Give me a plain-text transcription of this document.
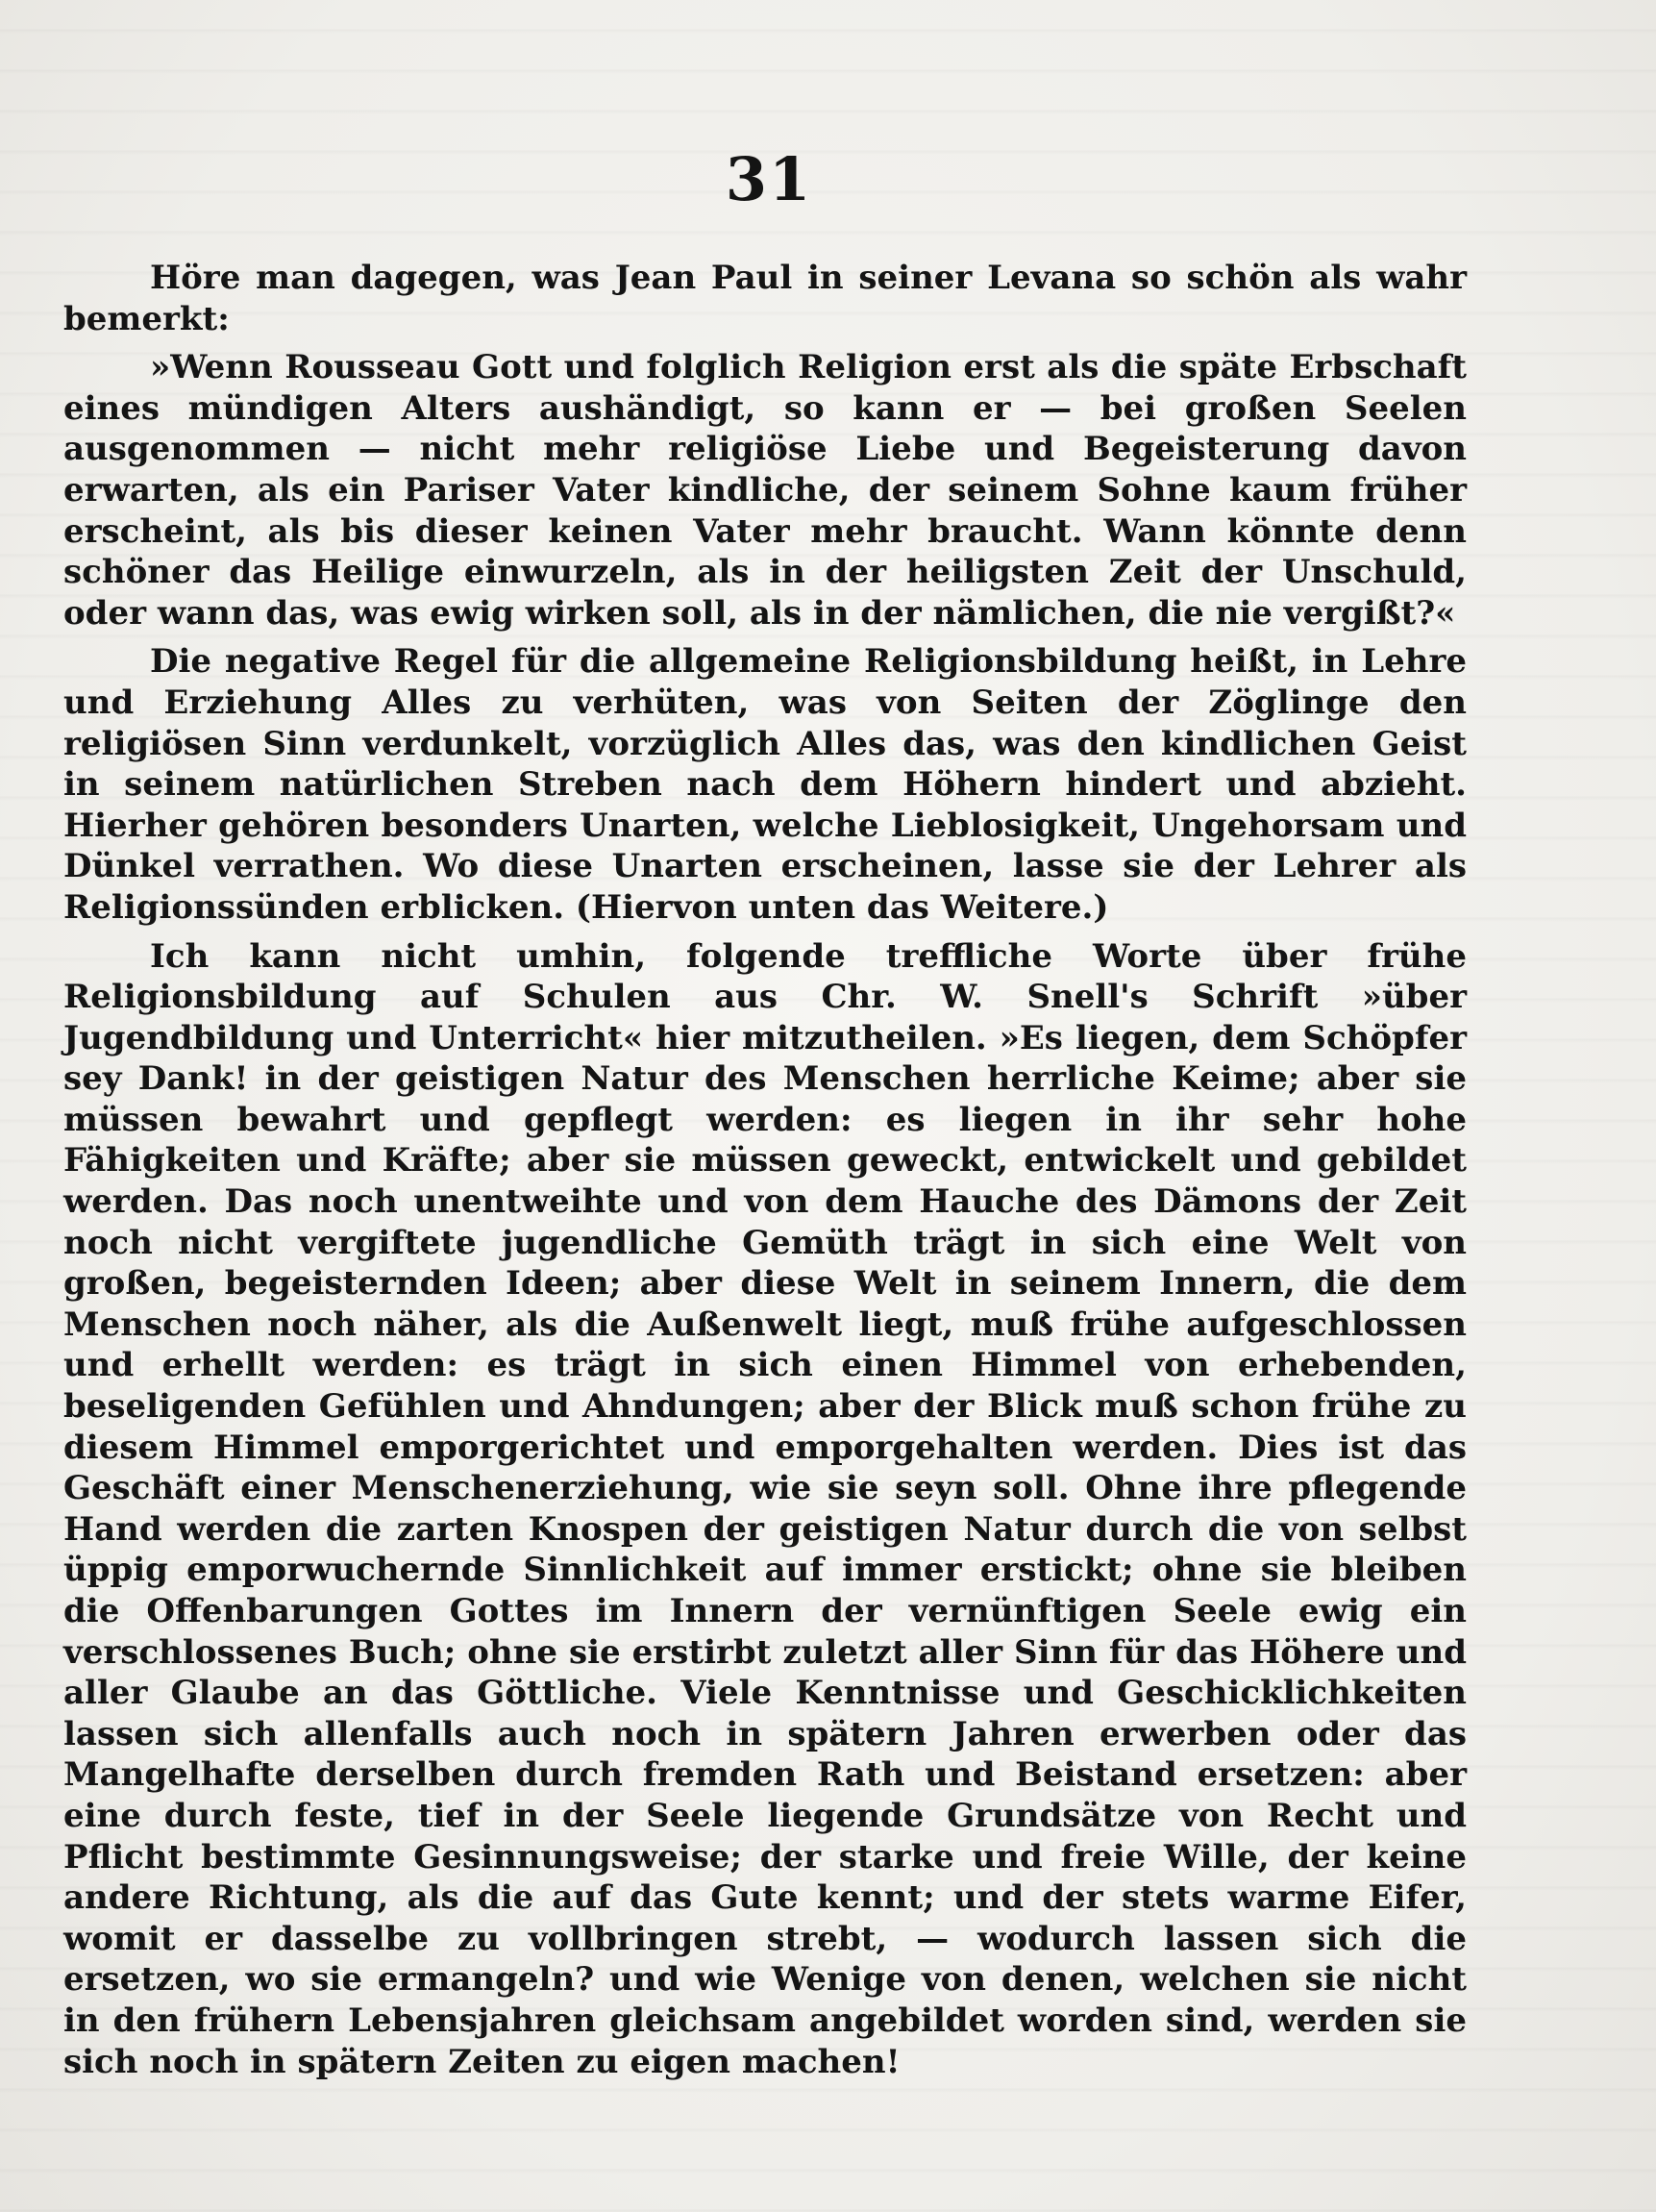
31

Höre man dagegen, was Jean Paul in seiner Levana so schön als wahr bemerkt:

»Wenn Rousseau Gott und folglich Religion erst als die späte Erbschaft eines mündigen Alters aushändigt, so kann er — bei großen Seelen ausgenommen — nicht mehr religiöse Liebe und Begeisterung davon erwarten, als ein Pariser Vater kindliche, der seinem Sohne kaum früher erscheint, als bis dieser keinen Vater mehr braucht. Wann könnte denn schöner das Heilige einwurzeln, als in der heiligsten Zeit der Unschuld, oder wann das, was ewig wirken soll, als in der nämlichen, die nie vergißt?«

Die negative Regel für die allgemeine Religionsbildung heißt, in Lehre und Erziehung Alles zu verhüten, was von Seiten der Zöglinge den religiösen Sinn verdunkelt, vorzüglich Alles das, was den kindlichen Geist in seinem natürlichen Streben nach dem Höhern hindert und abzieht. Hierher gehören besonders Unarten, welche Lieblosigkeit, Ungehorsam und Dünkel verrathen. Wo diese Unarten erscheinen, lasse sie der Lehrer als Religionssünden erblicken. (Hiervon unten das Weitere.)

Ich kann nicht umhin, folgende treffliche Worte über frühe Religionsbildung auf Schulen aus Chr. W. Snell's Schrift »über Jugendbildung und Unterricht« hier mitzutheilen. »Es liegen, dem Schöpfer sey Dank! in der geistigen Natur des Menschen herrliche Keime; aber sie müssen bewahrt und gepflegt werden: es liegen in ihr sehr hohe Fähigkeiten und Kräfte; aber sie müssen geweckt, entwickelt und gebildet werden. Das noch unentweihte und von dem Hauche des Dämons der Zeit noch nicht vergiftete jugendliche Gemüth trägt in sich eine Welt von großen, begeisternden Ideen; aber diese Welt in seinem Innern, die dem Menschen noch näher, als die Außenwelt liegt, muß frühe aufgeschlossen und erhellt werden: es trägt in sich einen Himmel von erhebenden, beseligenden Gefühlen und Ahndungen; aber der Blick muß schon frühe zu diesem Himmel emporgerichtet und emporgehalten werden. Dies ist das Geschäft einer Menschenerziehung, wie sie seyn soll. Ohne ihre pflegende Hand werden die zarten Knospen der geistigen Natur durch die von selbst üppig emporwuchernde Sinnlichkeit auf immer erstickt; ohne sie bleiben die Offenbarungen Gottes im Innern der vernünftigen Seele ewig ein verschlossenes Buch; ohne sie erstirbt zuletzt aller Sinn für das Höhere und aller Glaube an das Göttliche. Viele Kenntnisse und Geschicklichkeiten lassen sich allenfalls auch noch in spätern Jahren erwerben oder das Mangelhafte derselben durch fremden Rath und Beistand ersetzen: aber eine durch feste, tief in der Seele liegende Grundsätze von Recht und Pflicht bestimmte Gesinnungsweise; der starke und freie Wille, der keine andere Richtung, als die auf das Gute kennt; und der stets warme Eifer, womit er dasselbe zu vollbringen strebt, — wodurch lassen sich die ersetzen, wo sie ermangeln? und wie Wenige von denen, welchen sie nicht in den frühern Lebensjahren gleichsam angebildet worden sind, werden sie sich noch in spätern Zeiten zu eigen machen!
